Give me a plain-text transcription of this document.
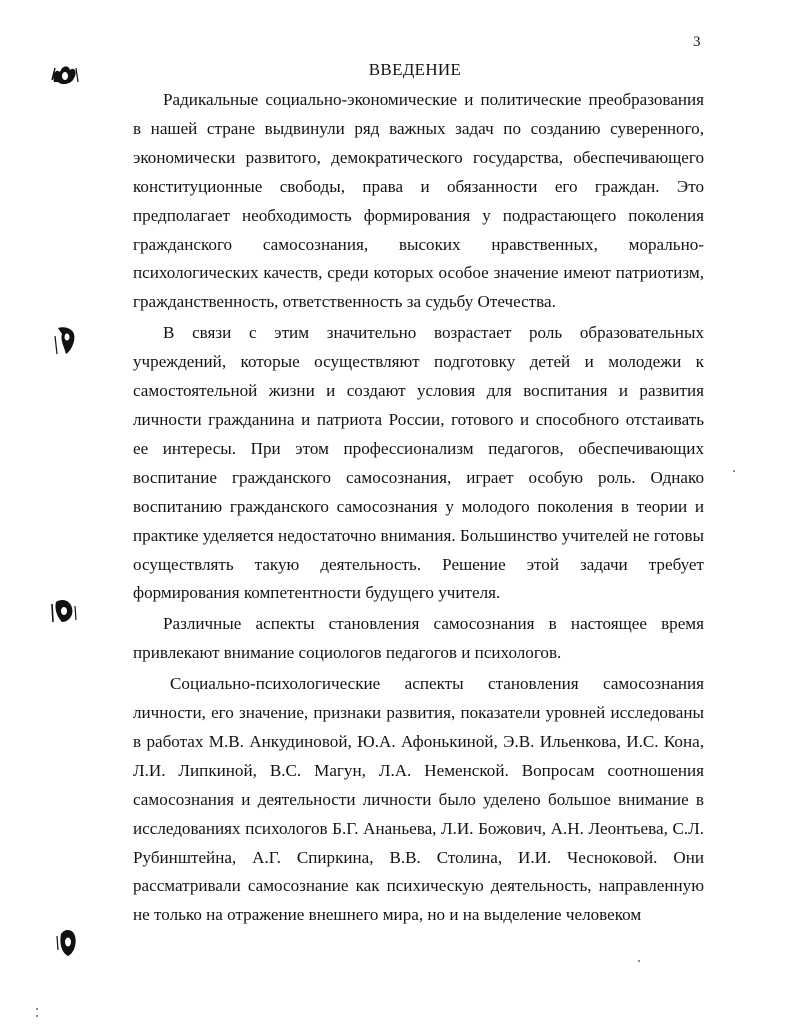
3
ВВЕДЕНИЕ

Радикальные социально-экономические и политические преобразования в нашей стране выдвинули ряд важных задач по созданию суверенного, экономически развитого, демократического государства, обеспечивающего конституционные свободы, права и обязанности его граждан. Это предполагает необходимость формирования у подрастающего поколения гражданского самосознания, высоких нравственных, морально-психологических качеств, среди которых особое значение имеют патриотизм, гражданственность, ответственность за судьбу Отечества.

В связи с этим значительно возрастает роль образовательных учреждений, которые осуществляют подготовку детей и молодежи к самостоятельной жизни и создают условия для воспитания и развития личности гражданина и патриота России, готового и способного отстаивать ее интересы. При этом профессионализм педагогов, обеспечивающих воспитание гражданского самосознания, играет особую роль. Однако воспитанию гражданского самосознания у молодого поколения в теории и практике уделяется недостаточно внимания. Большинство учителей не готовы осуществлять такую деятельность. Решение этой задачи требует формирования компетентности будущего учителя.

Различные аспекты становления самосознания в настоящее время привлекают внимание социологов педагогов и психологов.

Социально-психологические аспекты становления самосознания личности, его значение, признаки развития, показатели уровней исследованы в работах М.В. Анкудиновой, Ю.А. Афонькиной, Э.В. Ильенкова, И.С. Кона, Л.И. Липкиной, В.С. Магун, Л.А. Неменской. Вопросам соотношения самосознания и деятельности личности было уделено большое внимание в исследованиях психологов Б.Г. Ананьева, Л.И. Божович, А.Н. Леонтьева, С.Л. Рубинштейна, А.Г. Спиркина, В.В. Столина, И.И. Чесноковой. Они рассматривали самосознание как психическую деятельность, направленную не только на отражение внешнего мира, но и на выделение человеком
